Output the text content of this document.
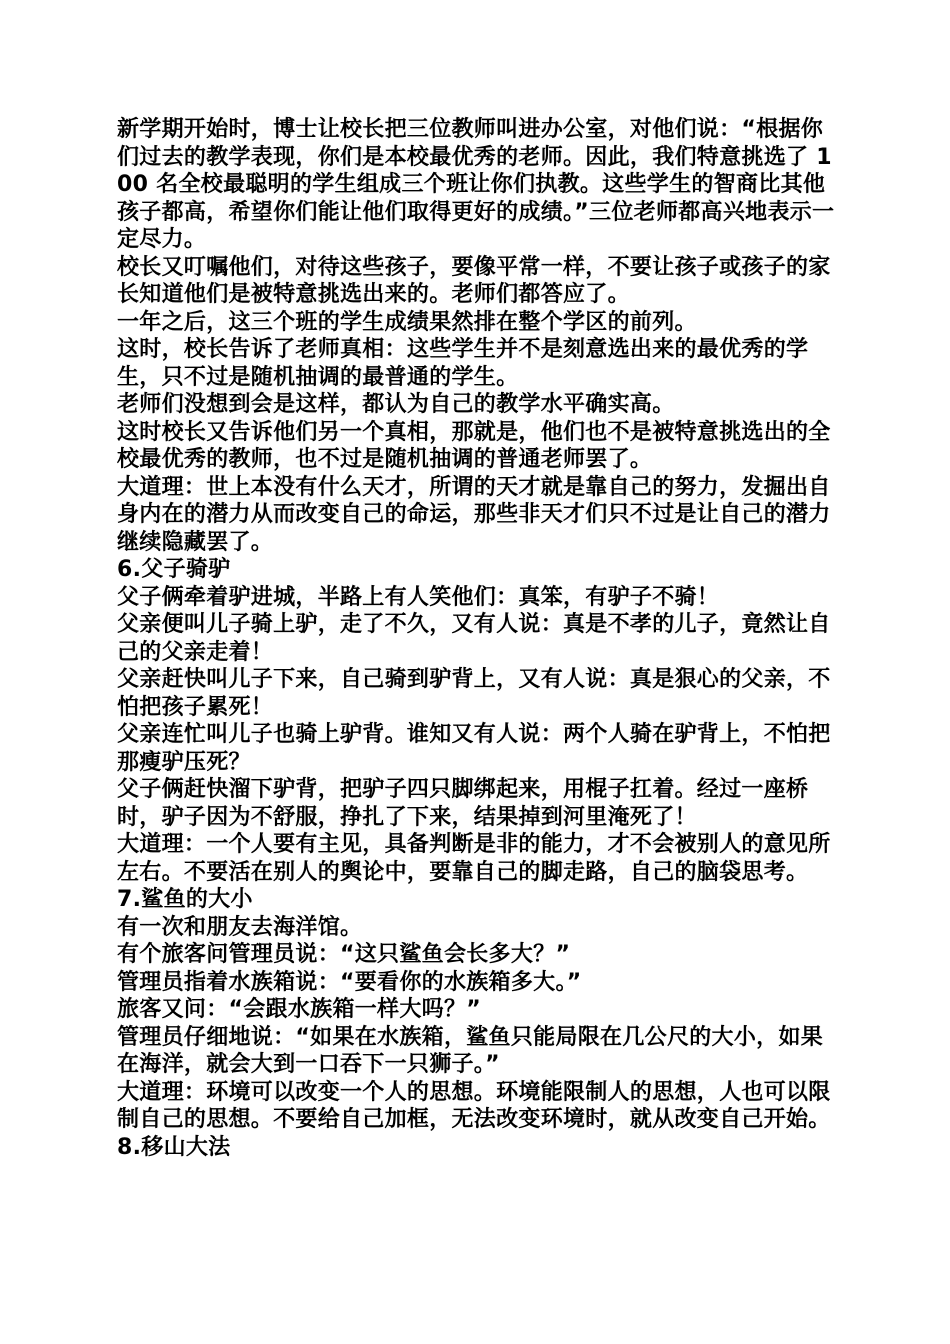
新学期开始时，博士让校长把三位教师叫进办公室，对他们说：“根据你们过去的教学表现，你们是本校最优秀的老师。因此，我们特意挑选了 100 名全校最聪明的学生组成三个班让你们执教。这些学生的智商比其他孩子都高，希望你们能让他们取得更好的成绩。”三位老师都高兴地表示一定尽力。

校长又叮嘱他们，对待这些孩子，要像平常一样，不要让孩子或孩子的家长知道他们是被特意挑选出来的。老师们都答应了。

一年之后，这三个班的学生成绩果然排在整个学区的前列。

这时，校长告诉了老师真相：这些学生并不是刻意选出来的最优秀的学生，只不过是随机抽调的最普通的学生。

老师们没想到会是这样，都认为自己的教学水平确实高。

这时校长又告诉他们另一个真相，那就是，他们也不是被特意挑选出的全校最优秀的教师，也不过是随机抽调的普通老师罢了。

大道理：世上本没有什么天才，所谓的天才就是靠自己的努力，发掘出自身内在的潜力从而改变自己的命运，那些非天才们只不过是让自己的潜力继续隐藏罢了。

6.父子骑驴

父子俩牵着驴进城，半路上有人笑他们：真笨，有驴子不骑！

父亲便叫儿子骑上驴，走了不久，又有人说：真是不孝的儿子，竟然让自己的父亲走着！

父亲赶快叫儿子下来，自己骑到驴背上，又有人说：真是狠心的父亲，不怕把孩子累死！

父亲连忙叫儿子也骑上驴背。谁知又有人说：两个人骑在驴背上，不怕把那瘦驴压死？

父子俩赶快溜下驴背，把驴子四只脚绑起来，用棍子扛着。经过一座桥时，驴子因为不舒服，挣扎了下来，结果掉到河里淹死了！

大道理：一个人要有主见，具备判断是非的能力，才不会被别人的意见所左右。不要活在别人的舆论中，要靠自己的脚走路，自己的脑袋思考。

7.鲨鱼的大小

有一次和朋友去海洋馆。

有个旅客问管理员说：“这只鲨鱼会长多大？”

管理员指着水族箱说：“要看你的水族箱多大。”

旅客又问：“会跟水族箱一样大吗？”

管理员仔细地说：“如果在水族箱，鲨鱼只能局限在几公尺的大小，如果在海洋，就会大到一口吞下一只狮子。”

大道理：环境可以改变一个人的思想。环境能限制人的思想，人也可以限制自己的思想。不要给自己加框，无法改变环境时，就从改变自己开始。

8.移山大法
